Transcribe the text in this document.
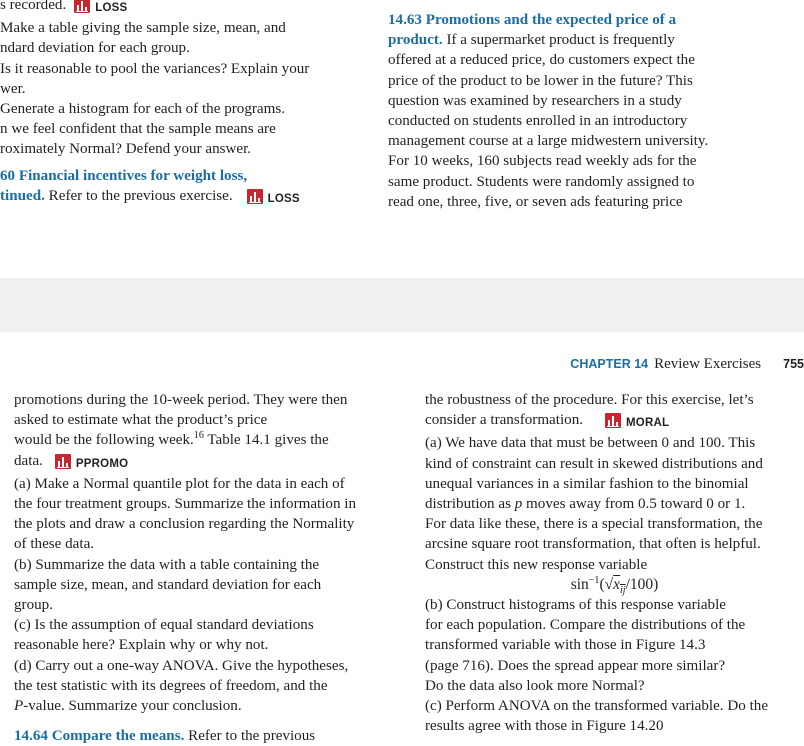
s recorded.	LOSS

Make a table giving the sample size, mean, and

ndard deviation for each group.

Is it reasonable to pool the variances? Explain your

wer.

Generate a histogram for each of the programs.

n we feel confident that the sample means are

roximately Normal? Defend your answer.

60 Financial incentives for weight loss,

tinued. Refer to the previous exercise.	LOSS

14.63 Promotions and the expected price of a

product. If a supermarket product is frequently

offered at a reduced price, do customers expect the

price of the product to be lower in the future? This

question was examined by researchers in a study

conducted on students enrolled in an introductory

management course at a large midwestern university.

For 10 weeks, 160 subjects read weekly ads for the

same product. Students were randomly assigned to

read one, three, five, or seven ads featuring price

CHAPTER 14 Review Exercises 755

promotions during the 10-week period. They were then

asked to estimate what the product’s price

would be the following week.$^{16}$ Table 14.1 gives the

data.	PPROMO

(a) Make a Normal quantile plot for the data in each of

the four treatment groups. Summarize the information in

the plots and draw a conclusion regarding the Normality

of these data.

(b) Summarize the data with a table containing the

sample size, mean, and standard deviation for each

group.

(c) Is the assumption of equal standard deviations

reasonable here? Explain why or why not.

(d) Carry out a one-way ANOVA. Give the hypotheses,

the test statistic with its degrees of freedom, and the

P-value. Summarize your conclusion.

14.64 Compare the means. Refer to the previous

the robustness of the procedure. For this exercise, let’s

consider a transformation.	MORAL

(a) We have data that must be between 0 and 100. This

kind of constraint can result in skewed distributions and

unequal variances in a similar fashion to the binomial

distribution as p moves away from 0.5 toward 0 or 1.

For data like these, there is a special transformation, the

arcsine square root transformation, that often is helpful.

Construct this new response variable

$\sin^{-1}(√x_{ij}/100)$

(b) Construct histograms of this response variable

for each population. Compare the distributions of the

transformed variable with those in Figure 14.3

(page 716). Does the spread appear more similar?

Do the data also look more Normal?

(c) Perform ANOVA on the transformed variable. Do the

results agree with those in Figure 14.20
